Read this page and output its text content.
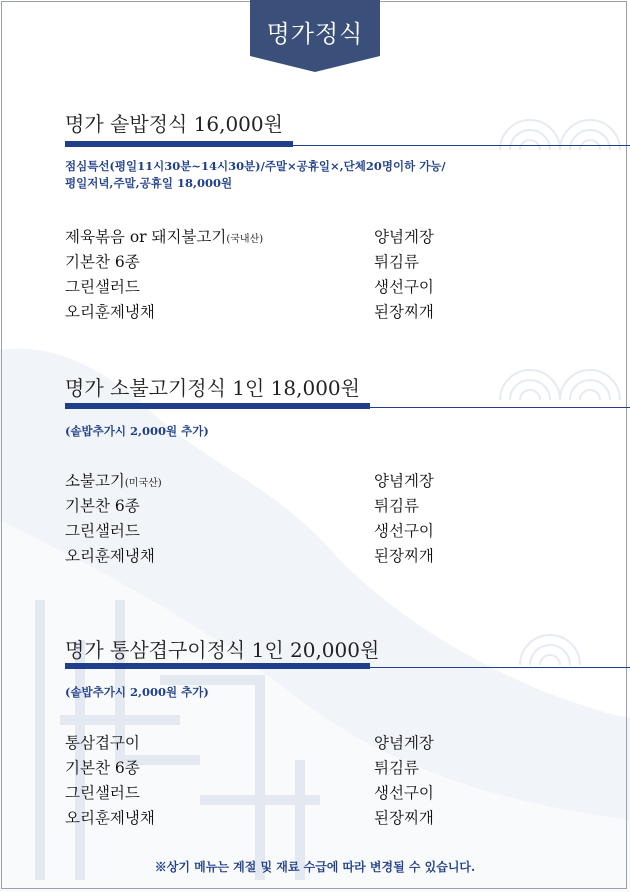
명가정식
명가 솥밥정식 16,000원
점심특선(평일11시30분~14시30분)/주말×공휴일×,단체20명이하 가능/
평일저녁,주말,공휴일 18,000원
제육볶음 or 돼지불고기(국내산)
기본찬 6종
그린샐러드
오리훈제냉채
양념게장
튀김류
생선구이
된장찌개
명가 소불고기정식 1인 18,000원
(솥밥추가시 2,000원 추가)
소불고기(미국산)
기본찬 6종
그린샐러드
오리훈제냉채
양념게장
튀김류
생선구이
된장찌개
명가 통삼겹구이정식 1인 20,000원
(솥밥추가시 2,000원 추가)
통삼겹구이
기본찬 6종
그린샐러드
오리훈제냉채
양념게장
튀김류
생선구이
된장찌개
※상기 메뉴는 계절 및 재료 수급에 따라 변경될 수 있습니다.
